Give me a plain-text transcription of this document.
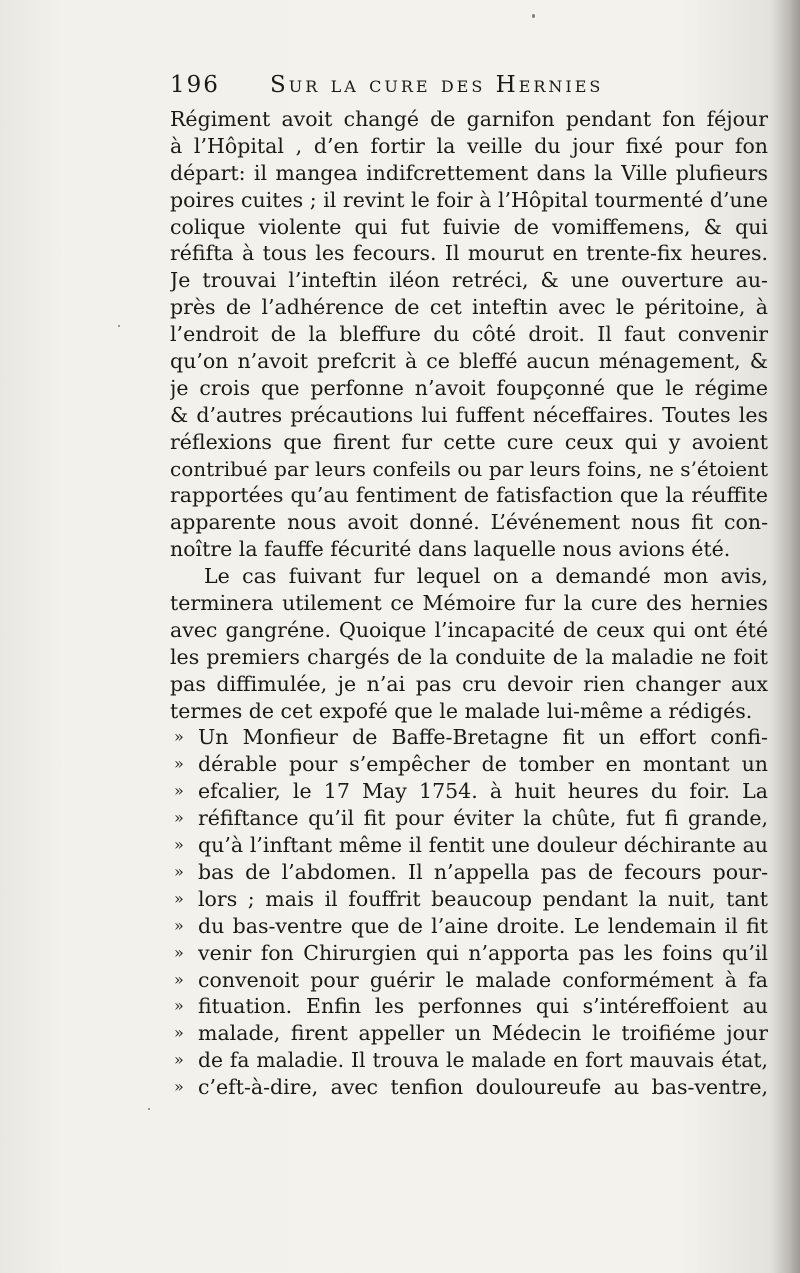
196 Sur la cure des Hernies
Régiment avoit changé de garnifon pendant fon féjour
à l’Hôpital , d’en fortir la veille du jour fixé pour fon
départ: il mangea indifcrettement dans la Ville plufieurs
poires cuites ; il revint le foir à l’Hôpital tourmenté d’une
colique violente qui fut fuivie de vomiffemens, & qui
réfifta à tous les fecours. Il mourut en trente-fix heures.
Je trouvai l’inteftin iléon retréci, & une ouverture au-
près de l’adhérence de cet inteftin avec le péritoine, à
l’endroit de la bleffure du côté droit. Il faut convenir
qu’on n’avoit prefcrit à ce bleffé aucun ménagement, &
je crois que perfonne n’avoit foupçonné que le régime
& d’autres précautions lui fuffent néceffaires. Toutes les
réflexions que firent fur cette cure ceux qui y avoient
contribué par leurs confeils ou par leurs foins, ne s’étoient
rapportées qu’au fentiment de fatisfaction que la réuffite
apparente nous avoit donné. L’événement nous fit con-
noître la fauffe fécurité dans laquelle nous avions été.
Le cas fuivant fur lequel on a demandé mon avis,
terminera utilement ce Mémoire fur la cure des hernies
avec gangréne. Quoique l’incapacité de ceux qui ont été
les premiers chargés de la conduite de la maladie ne foit
pas diffimulée, je n’ai pas cru devoir rien changer aux
termes de cet expofé que le malade lui-même a rédigés.
» Un Monfieur de Baffe-Bretagne fit un effort confi-
» dérable pour s’empêcher de tomber en montant un
» efcalier, le 17 May 1754. à huit heures du foir. La
» réfiftance qu’il fit pour éviter la chûte, fut fi grande,
» qu’à l’inftant même il fentit une douleur déchirante au
» bas de l’abdomen. Il n’appella pas de fecours pour-
» lors ; mais il fouffrit beaucoup pendant la nuit, tant
» du bas-ventre que de l’aine droite. Le lendemain il fit
» venir fon Chirurgien qui n’apporta pas les foins qu’il
» convenoit pour guérir le malade conformément à fa
» fituation. Enfin les perfonnes qui s’intéreffoient au
» malade, firent appeller un Médecin le troifiéme jour
» de fa maladie. Il trouva le malade en fort mauvais état,
» c’eft-à-dire, avec tenfion douloureufe au bas-ventre,
